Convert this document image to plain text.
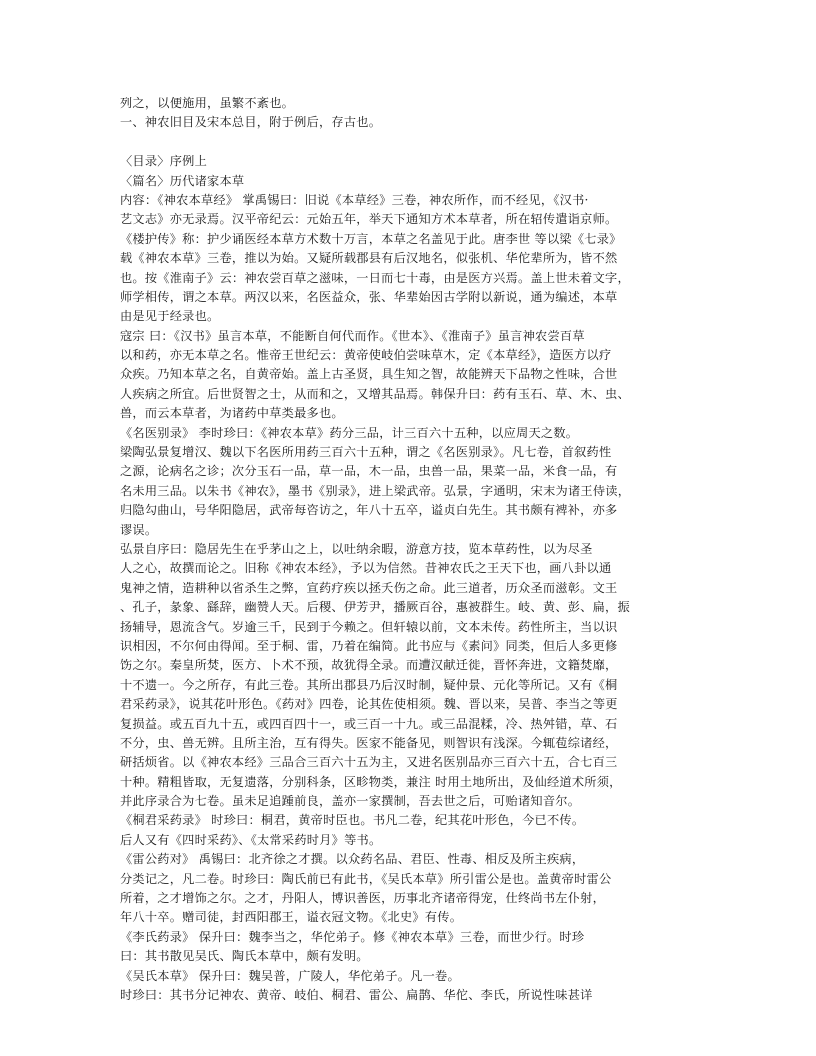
列之，以便施用，虽繁不紊也。
一、神农旧目及宋本总目，附于例后，存古也。
〈目录〉序例上
〈篇名〉历代诸家本草
内容：《神农本草经》 掌禹锡曰：旧说《本草经》三卷，神农所作，而不经见，《汉书·
艺文志》亦无录焉。汉平帝纪云：元始五年，举天下通知方术本草者，所在轺传遣诣京师。
《楼护传》称：护少诵医经本草方术数十万言，本草之名盖见于此。唐李世 等以梁《七录》
载《神农本草》三卷，推以为始。又疑所载郡县有后汉地名，似张机、华佗辈所为，皆不然
也。按《淮南子》云：神农尝百草之滋味，一日而七十毒，由是医方兴焉。盖上世未着文字，
师学相传，谓之本草。两汉以来，名医益众，张、华辈始因古学附以新说，通为编述，本草
由是见于经录也。
寇宗 曰：《汉书》虽言本草，不能断自何代而作。《世本》、《淮南子》虽言神农尝百草
以和药，亦无本草之名。惟帝王世纪云：黄帝使岐伯尝味草木，定《本草经》，造医方以疗
众疾。乃知本草之名，自黄帝始。盖上古圣贤，具生知之智，故能辨天下品物之性味，合世
人疾病之所宜。后世贤智之士，从而和之，又增其品焉。韩保升曰：药有玉石、草、木、虫、
兽，而云本草者，为诸药中草类最多也。
《名医别录》 李时珍曰：《神农本草》药分三品，计三百六十五种，以应周天之数。
梁陶弘景复增汉、魏以下名医所用药三百六十五种，谓之《名医别录》。凡七卷，首叙药性
之源，论病名之诊；次分玉石一品，草一品，木一品，虫兽一品，果菜一品，米食一品，有
名未用三品。以朱书《神农》，墨书《别录》，进上梁武帝。弘景，字通明，宋末为诸王侍读，
归隐勾曲山，号华阳隐居，武帝每咨访之，年八十五卒，谥贞白先生。其书颇有裨补，亦多
谬误。
弘景自序曰：隐居先生在乎茅山之上，以吐纳余暇，游意方技，览本草药性，以为尽圣
人之心，故撰而论之。旧称《神农本经》，予以为信然。昔神农氏之王天下也，画八卦以通
鬼神之情，造耕种以省杀生之弊，宣药疗疾以拯夭伤之命。此三道者，历众圣而滋彰。文王
、孔子，彖象、繇辞，幽赞人天。后稷、伊芳尹，播厥百谷，惠被群生。岐、黄、彭、扁，振
扬辅导，恩流含气。岁逾三千，民到于今赖之。但轩辕以前，文本未传。药性所主，当以识
识相因，不尔何由得闻。至于桐、雷，乃着在编简。此书应与《素问》同类，但后人多更修
饬之尔。秦皇所焚，医方、卜术不预，故犹得全录。而遭汉献迁徙，晋怀奔进，文籍焚靡，
十不遗一。今之所存，有此三卷。其所出郡县乃后汉时制，疑仲景、元化等所记。又有《桐
君采药录》，说其花叶形色。《药对》四卷，论其佐使相须。魏、晋以来，吴普、李当之等更
复损益。或五百九十五，或四百四十一，或三百一十九。或三品混糅，冷、热舛错，草、石
不分，虫、兽无辨。且所主治，互有得失。医家不能备见，则智识有浅深。今辄苞综诸经，
研括烦省。以《神农本经》三品合三百六十五为主，又进名医别品亦三百六十五，合七百三
十种。精粗皆取，无复遗落，分别科条，区畛物类，兼注 时用土地所出，及仙经道术所须，
并此序录合为七卷。虽未足追踵前良，盖亦一家撰制，吾去世之后，可贻诸知音尔。
《桐君采药录》 时珍曰：桐君，黄帝时臣也。书凡二卷，纪其花叶形色，今已不传。
后人又有《四时采药》、《太常采药时月》等书。
《雷公药对》 禹锡曰：北齐徐之才撰。以众药名品、君臣、性毒、相反及所主疾病，
分类记之，凡二卷。时珍曰：陶氏前已有此书，《吴氏本草》所引雷公是也。盖黄帝时雷公
所着，之才增饰之尔。之才，丹阳人，博识善医，历事北齐诸帝得宠，仕终尚书左仆射，
年八十卒。赠司徒，封西阳郡王，谥衣冠文物。《北史》有传。
《李氏药录》 保升曰：魏李当之，华佗弟子。修《神农本草》三卷，而世少行。时珍
曰：其书散见吴氏、陶氏本草中，颇有发明。
《吴氏本草》 保升曰：魏吴普，广陵人，华佗弟子。凡一卷。
时珍曰：其书分记神农、黄帝、岐伯、桐君、雷公、扁鹊、华佗、李氏，所说性味甚详
